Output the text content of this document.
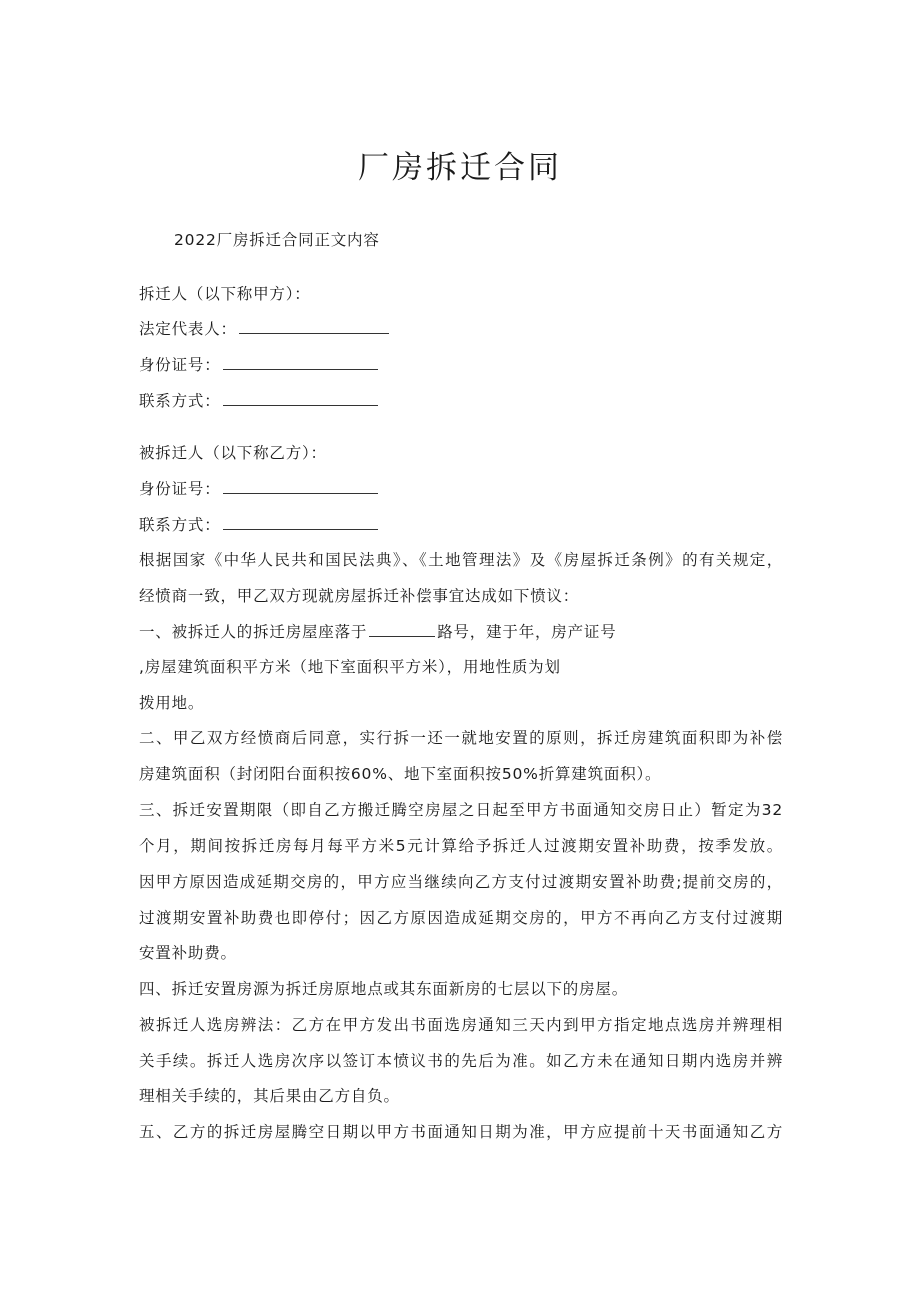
厂房拆迁合同
2022厂房拆迁合同正文内容
拆迁人（以下称甲方）：
法定代表人：
身份证号：
联系方式：
被拆迁人（以下称乙方）：
身份证号：
联系方式：
根据国家《中华人民共和国民法典》、《土地管理法》及《房屋拆迁条例》的有关规定，
经愤商一致，甲乙双方现就房屋拆迁补偿事宜达成如下愤议：
一、被拆迁人的拆迁房屋座落于	路号，建于年，房产证号
,房屋建筑面积平方米（地下室面积平方米），用地性质为划
拨用地。
二、甲乙双方经愤商后同意，实行拆一还一就地安置的原则，拆迁房建筑面积即为补偿
房建筑面积（封闭阳台面积按60%、地下室面积按50%折算建筑面积）。
三、拆迁安置期限（即自乙方搬迁腾空房屋之日起至甲方书面通知交房日止）暂定为32
个月，期间按拆迁房每月每平方米5元计算给予拆迁人过渡期安置补助费，按季发放。
因甲方原因造成延期交房的，甲方应当继续向乙方支付过渡期安置补助费;提前交房的，
过渡期安置补助费也即停付；因乙方原因造成延期交房的，甲方不再向乙方支付过渡期
安置补助费。
四、拆迁安置房源为拆迁房原地点或其东面新房的七层以下的房屋。
被拆迁人选房辨法：乙方在甲方发出书面选房通知三天内到甲方指定地点选房并辨理相
关手续。拆迁人选房次序以签订本愤议书的先后为准。如乙方未在通知日期内选房并辨
理相关手续的，其后果由乙方自负。
五、乙方的拆迁房屋腾空日期以甲方书面通知日期为准，甲方应提前十天书面通知乙方
